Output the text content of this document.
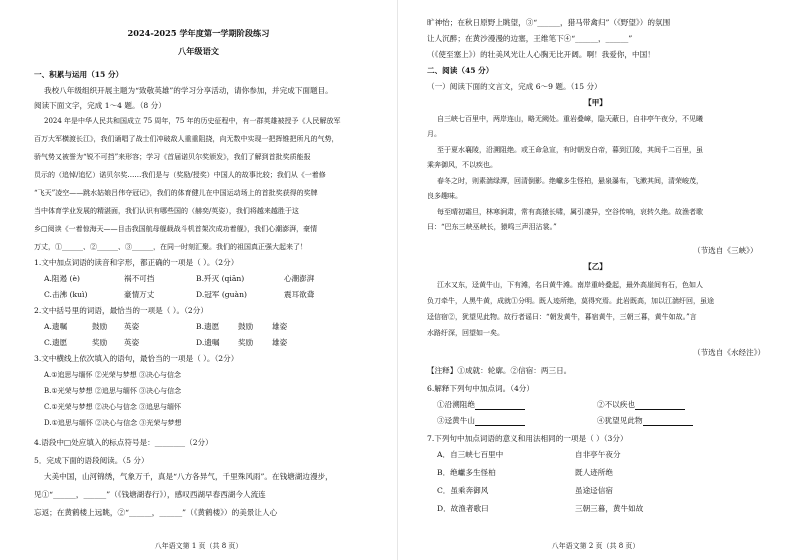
2024-2025 学年度第一学期阶段练习
八年级语文
一、积累与运用（15 分）
我校八年级组织开展主题为“致敬英雄”的学习分享活动，请你参加，并完成下面题目。
阅读下面文字，完成 1～4 题。（8 分）
2024 年是中华人民共和国成立 75 周年，75 年的历史征程中，有一群英雄被授予《人民解放军
百万大军横渡长江》，我们诵唱了战士们冲破敌人重重阻挠，向无数中实现一把挥锥把所凡的气势，
骄气势又被誉为“锐不可挡”来形容；学习《首届诺贝尔奖颁发》，我们了解到首批奖质能报
员示的（追悼/追忆）诺贝尔奖……我们是与（奖励/授奖）中国人的故事比较；我们从《一着修
“飞天”凌空——跳水姑娘吕伟夺冠记》，我们的体育健儿在中国运动场上的首批奖获得的奖牌
当中体育学业发展的精湛面，我们认识有哪些国的（赫奕/英姿），我们将越来越胜于这
乡□阅读《一着惊海天——目击我国航母舰载战斗机首架次成功着舰》，我们心潮澎湃，豪情
万丈，①______、②______、③______，在同一时刻汇聚。我们的祖国真正强大起来了！
1.文中加点词语的读音和字形，都正确的一项是（ ）。（2分）
A.阻遏 (è)	祸不可挡	B.歼灭 (qiān)	心潮澎湃
C.击沸 (kuì)	豪情万丈	D.冠军 (guàn)	震耳欲聋
2.文中括号里的词语，最恰当的一项是（ ）。（2分）
A.遗嘱	鼓励 英姿	B.遗愿 鼓励 雄姿
C.遗愿	奖励 英姿	D.遗嘱 奖励 雄姿
3.文中横线上依次填入的语句，最恰当的一项是（ ）。（2分）
A.①追思与缅怀 ②光荣与梦想 ③决心与信念
B.①光荣与梦想 ②追思与缅怀 ③决心与信念
C.①光荣与梦想 ②决心与信念 ③追思与缅怀
D.①追思与缅怀 ②决心与信念 ③光荣与梦想
4.语段中□处应填入的标点符号是：________（2分）
5．完成下面的语段阅读。（5 分）
大美中国，山河锦绣，气象万千，真是“八方各异气，千里殊风雨”。在钱塘湖边漫步，
见①“______，______”（《钱塘湖春行》），感叹西湖早春西湖今人流连
忘返；在黄鹤楼上远眺，②“______，______”（《黄鹤楼》）的美景让人心
八年语文第 1 页（共 8 页）
旷神怡；在秋日原野上眺望，③“______，猎马带禽归”（《野望》）的氛围
让人沉醉；在黄沙漫漫的边塞，王维笔下④“______，______”
（《使至塞上》）的壮美风光让人心胸无比开阔。啊！我爱你，中国！
二、阅读（45 分）
（一）阅读下面的文言文，完成 6～9 题。（15 分）
【甲】
自三峡七百里中，两岸连山，略无阙处。重岩叠嶂，隐天蔽日，自非亭午夜分，不见曦
月。
至于夏水襄陵，沿溯阻绝。或王命急宣，有时朝发白帝，暮到江陵，其间千二百里，虽
乘奔御风，不以疾也。
春冬之时，则素湍绿潭，回清倒影。绝巘多生怪柏，悬泉瀑布，飞漱其间，清荣峻茂，
良多趣味。
每至晴初霜旦，林寒涧肃，常有高猿长啸，属引凄异，空谷传响，哀转久绝。故渔者歌
曰：“巴东三峡巫峡长，猿鸣三声泪沾裳。”
（节选自《三峡》）
【乙】
江水又东，迳黄牛山，下有滩，名曰黄牛滩。南岸重岭叠起，最外高崖间有石，色如人
负刀牵牛，人黑牛黄，成就①分明。既人迹所绝，莫得究焉。此岩既高，加以江湍纡回，虽途
迳信宿②，犹望见此物。故行者谣曰：“朝发黄牛，暮宿黄牛，三朝三暮，黄牛如故。”言
水路纡深，回望如一矣。
（节选自《水经注》）
【注释】①成就：轮廓。②信宿：两三日。
6.解释下列句中加点词。（4分）
①沿溯阻绝	②不以疾也
③迳黄牛山	④犹望见此物
7.下列句中加点词语的意义和用法相同的一项是（ ）（3分）
A．自三峡七百里中	自非亭午夜分
B．绝巘多生怪柏	既人迹所绝
C．虽乘奔御风	虽途迳信宿
D．故渔者歌曰	三朝三暮，黄牛如故
八年语文第 2 页（共 8 页）
